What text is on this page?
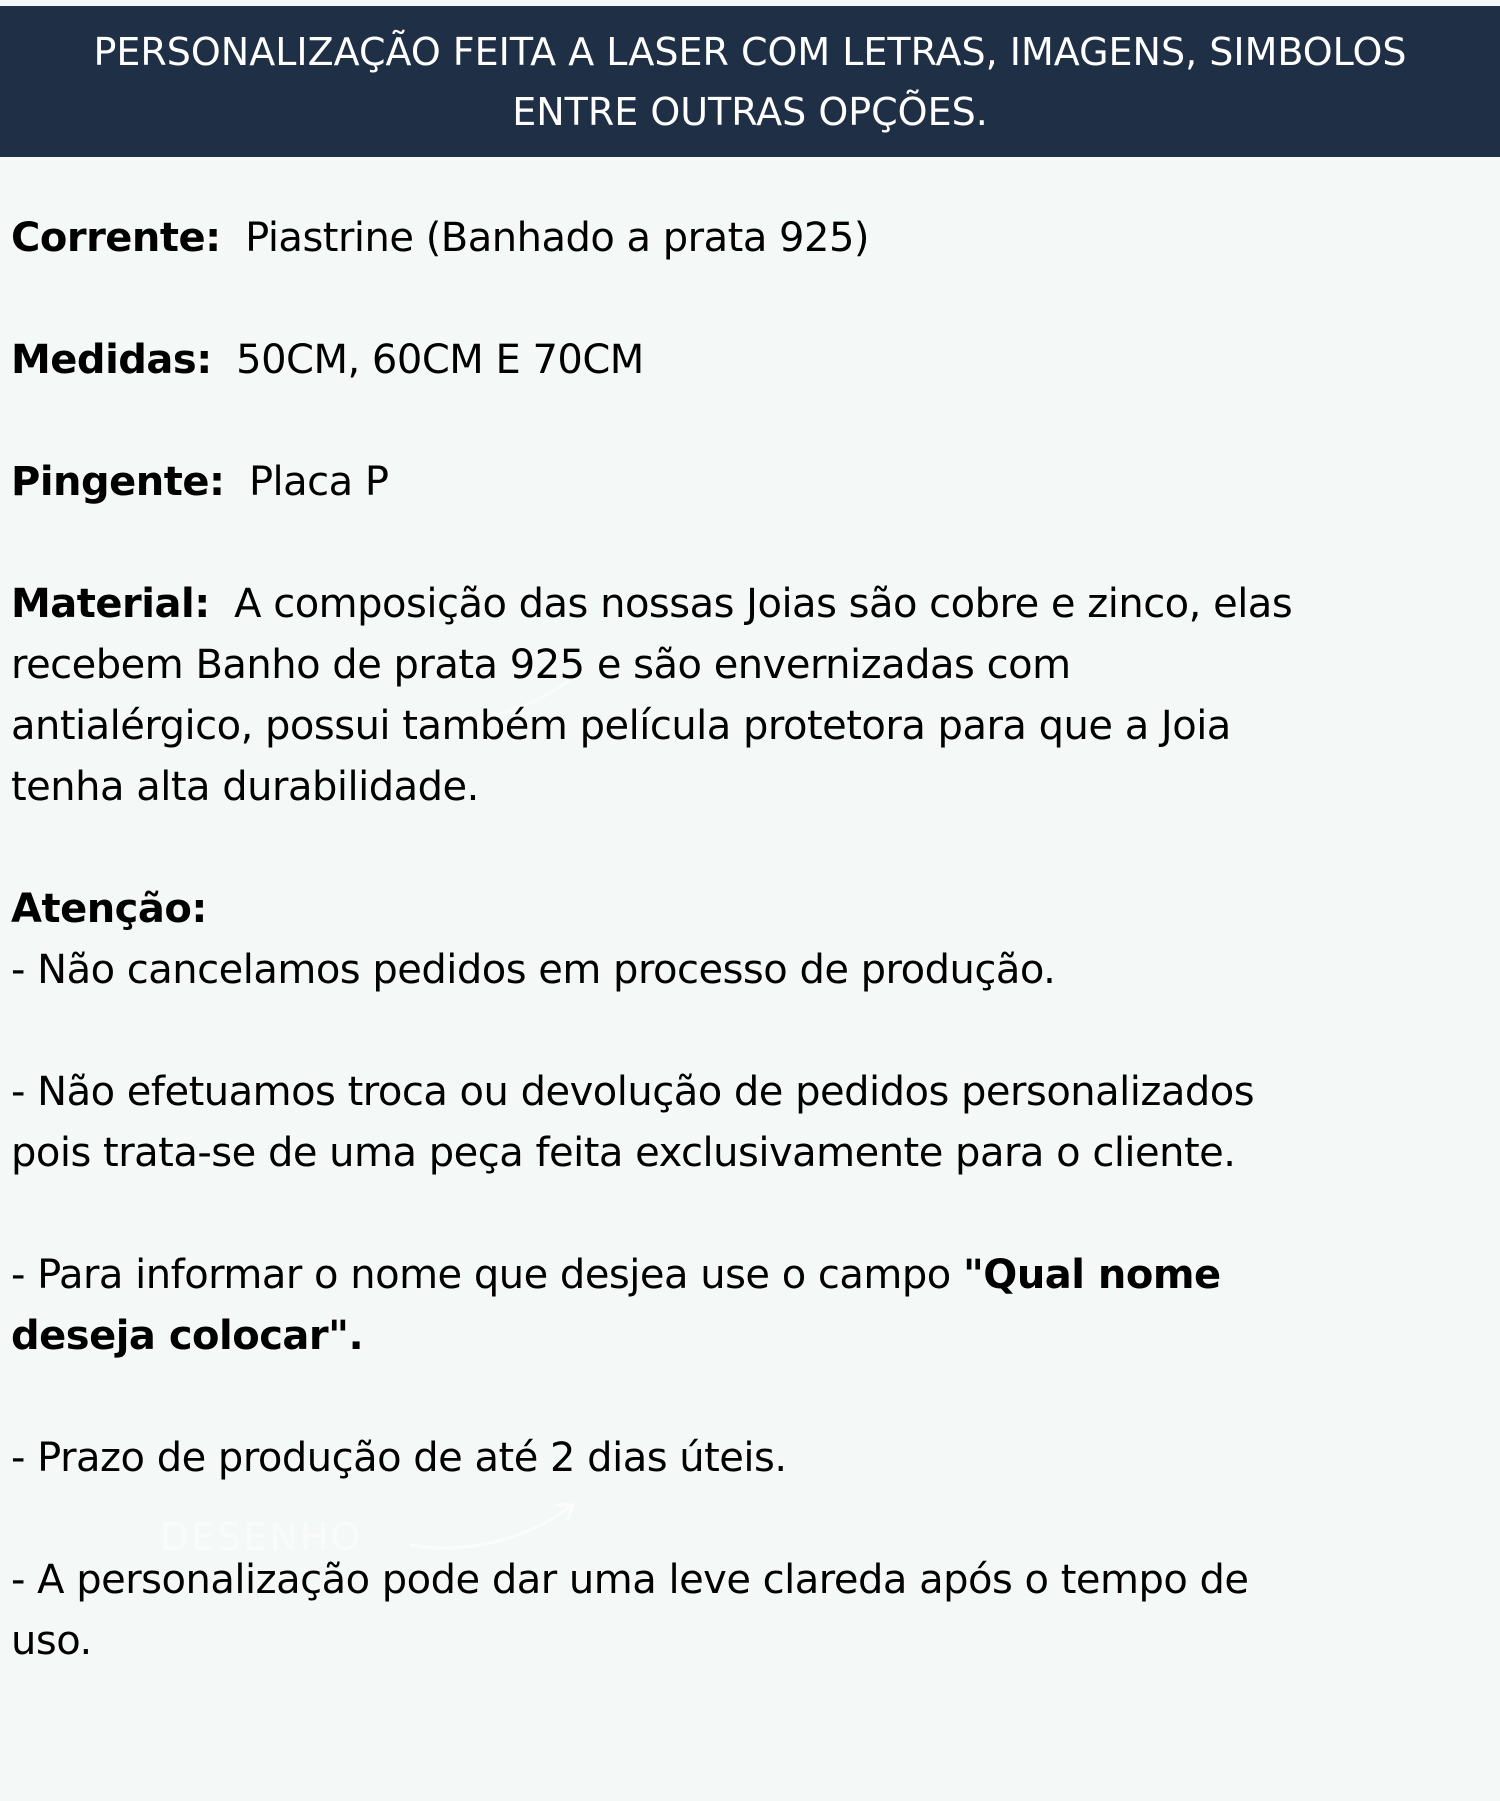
PERSONALIZAÇÃO FEITA A LASER COM LETRAS, IMAGENS, SIMBOLOS
ENTRE OUTRAS OPÇÕES.
DESENHO
Corrente: Piastrine (Banhado a prata 925)
Medidas: 50CM, 60CM E 70CM
Pingente: Placa P
Material: A composição das nossas Joias são cobre e zinco, elas
recebem Banho de prata 925 e são envernizadas com
antialérgico, possui também película protetora para que a Joia
tenha alta durabilidade.
Atenção:
- Não cancelamos pedidos em processo de produção.
- Não efetuamos troca ou devolução de pedidos personalizados
pois trata-se de uma peça feita exclusivamente para o cliente.
- Para informar o nome que desjea use o campo "Qual nome
deseja colocar".
- Prazo de produção de até 2 dias úteis.
- A personalização pode dar uma leve clareda após o tempo de
uso.
